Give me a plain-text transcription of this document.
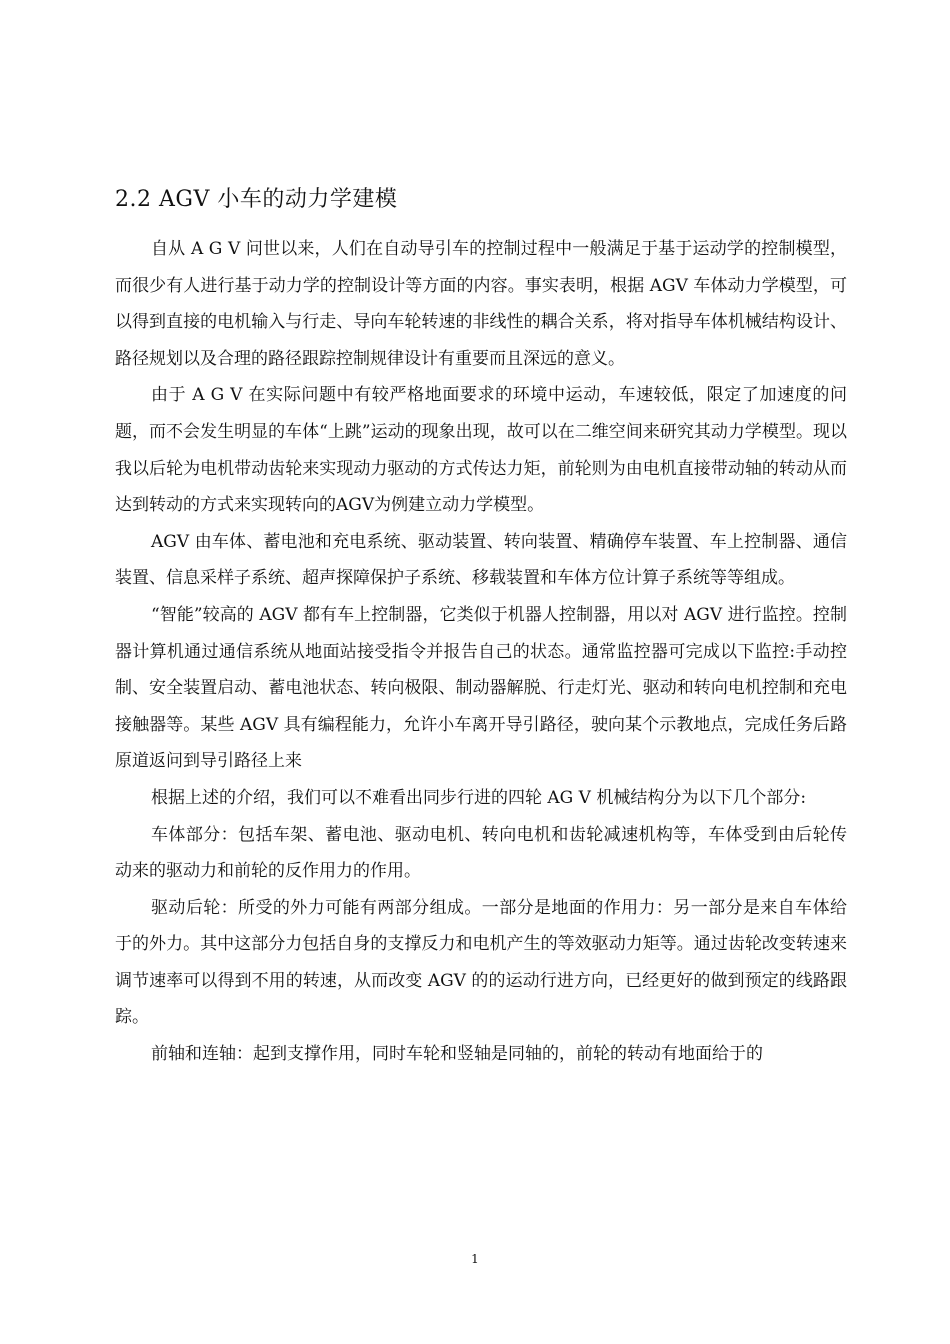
2.2 AGV 小车的动力学建模

自从 A G V 问世以来，人们在自动导引车的控制过程中一般满足于基于运动学的控制模型，而很少有人进行基于动力学的控制设计等方面的内容。事实表明，根据 AGV 车体动力学模型，可以得到直接的电机输入与行走、导向车轮转速的非线性的耦合关系，将对指导车体机械结构设计、路径规划以及合理的路径跟踪控制规律设计有重要而且深远的意义。

由于 A G V 在实际问题中有较严格地面要求的环境中运动，车速较低，限定了加速度的问题，而不会发生明显的车体“上跳”运动的现象出现，故可以在二维空间来研究其动力学模型。现以我以后轮为电机带动齿轮来实现动力驱动的方式传达力矩，前轮则为由电机直接带动轴的转动从而达到转动的方式来实现转向的AGV为例建立动力学模型。

AGV 由车体、蓄电池和充电系统、驱动装置、转向装置、精确停车装置、车上控制器、通信装置、信息采样子系统、超声探障保护子系统、移载装置和车体方位计算子系统等等组成。

“智能”较高的 AGV 都有车上控制器，它类似于机器人控制器，用以对 AGV 进行监控。控制器计算机通过通信系统从地面站接受指令并报告自己的状态。通常监控器可完成以下监控:手动控制、安全装置启动、蓄电池状态、转向极限、制动器解脱、行走灯光、驱动和转向电机控制和充电接触器等。某些 AGV 具有编程能力，允许小车离开导引路径，驶向某个示教地点，完成任务后路原道返问到导引路径上来

根据上述的介绍，我们可以不难看出同步行进的四轮 AG V 机械结构分为以下几个部分:

车体部分：包括车架、蓄电池、驱动电机、转向电机和齿轮减速机构等，车体受到由后轮传动来的驱动力和前轮的反作用力的作用。

驱动后轮：所受的外力可能有两部分组成。一部分是地面的作用力：另一部分是来自车体给于的外力。其中这部分力包括自身的支撑反力和电机产生的等效驱动力矩等。通过齿轮改变转速来调节速率可以得到不用的转速，从而改变 AGV 的的运动行进方向，已经更好的做到预定的线路跟踪。

前轴和连轴：起到支撑作用，同时车轮和竖轴是同轴的，前轮的转动有地面给于的

1
